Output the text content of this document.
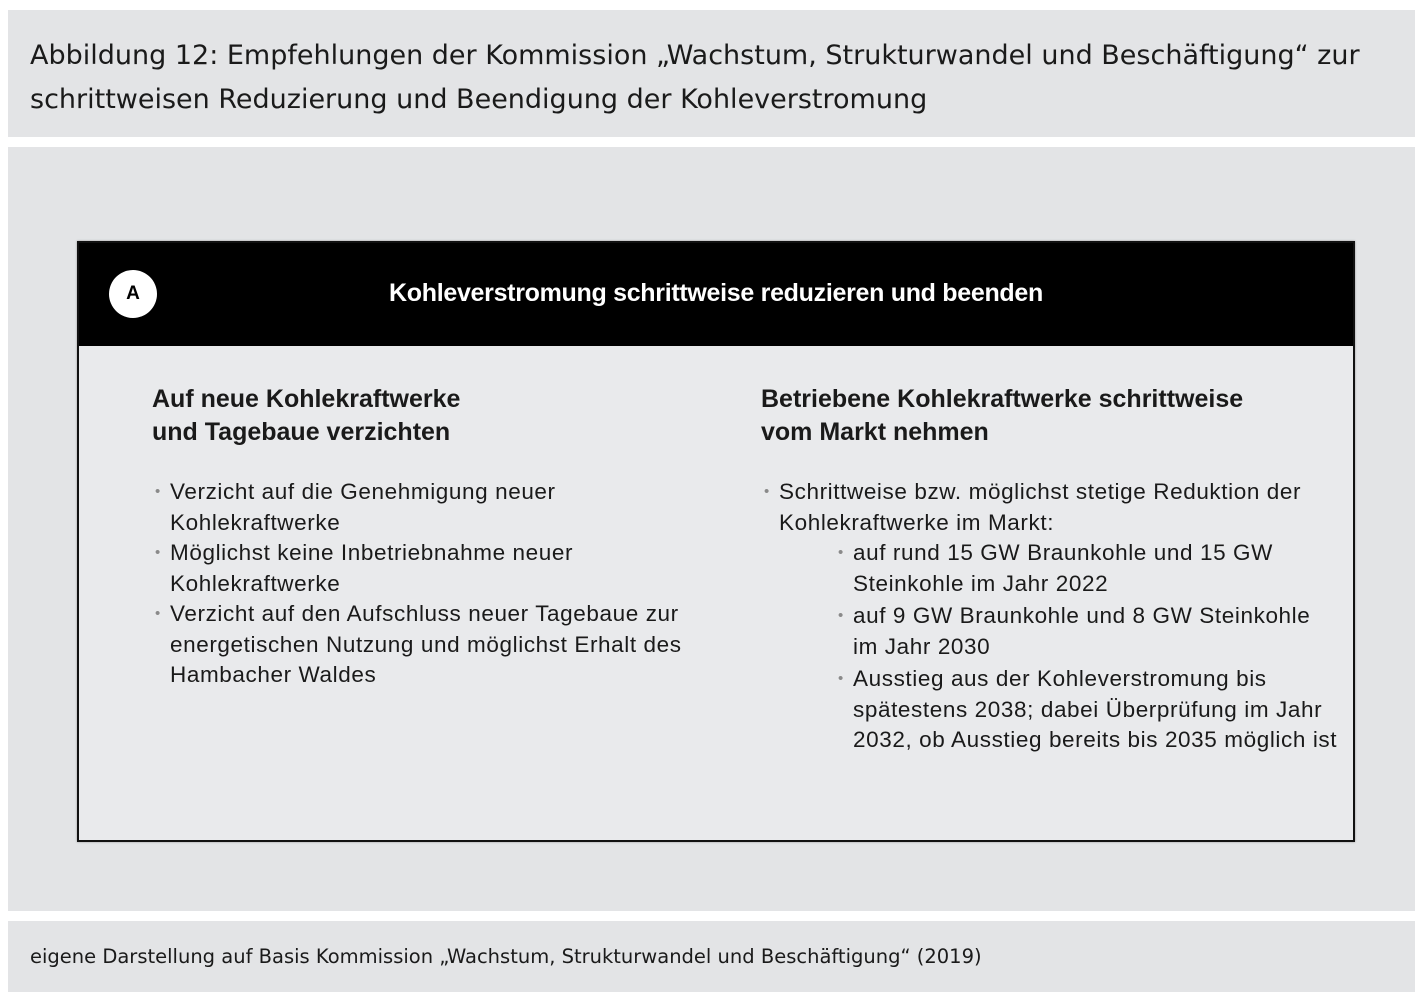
Abbildung 12: Empfehlungen der Kommission „Wachstum, Strukturwandel und Beschäftigung“ zur schrittweisen Reduzierung und Beendigung der Kohleverstromung

Kohleverstromung schrittweise reduzieren und beenden
A
Auf neue Kohlekraftwerke
und Tagebaue verzichten
• Verzicht auf die Genehmigung neuer Kohlekraftwerke
• Möglichst keine Inbetriebnahme neuer Kohlekraftwerke
• Verzicht auf den Aufschluss neuer Tagebaue zur energetischen Nutzung und möglichst Erhalt des Hambacher Waldes
Betriebene Kohlekraftwerke schrittweise
vom Markt nehmen
• Schrittweise bzw. möglichst stetige Reduktion der Kohlekraftwerke im Markt:
• auf rund 15 GW Braunkohle und 15 GW Steinkohle im Jahr 2022
• auf 9 GW Braunkohle und 8 GW Steinkohle im Jahr 2030
• Ausstieg aus der Kohleverstromung bis spätestens 2038; dabei Überprüfung im Jahr 2032, ob Ausstieg bereits bis 2035 möglich ist

eigene Darstellung auf Basis Kommission „Wachstum, Strukturwandel und Beschäftigung“ (2019)
